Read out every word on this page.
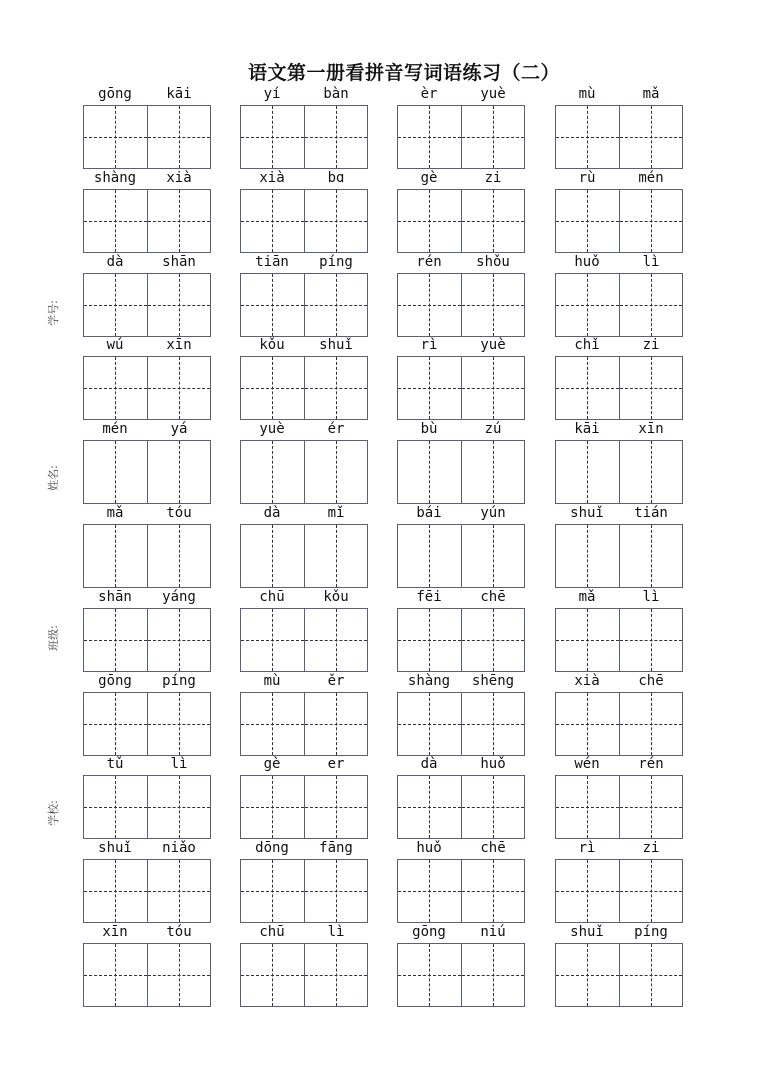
语文第一册看拼音写词语练习（二）
学号:
姓名:
班级:
学校:
gōng	kāi	yí	bàn	èr	yuè	mù	mǎ
shàng	xià	xià	bɑ	gè	zi	rù	mén
dà	shān	tiān	píng	rén	shǒu	huǒ	lì
wú	xīn	kǒu	shuǐ	rì	yuè	chǐ	zi
mén	yá	yuè	ér	bù	zú	kāi	xīn
mǎ	tóu	dà	mǐ	bái	yún	shuǐ	tián
shān	yáng	chū	kǒu	fēi	chē	mǎ	lì
gōng	píng	mù	ěr	shàng	shēng	xià	chē
tǔ	lì	gè	er	dà	huǒ	wén	rén
shuǐ	niǎo	dōng	fāng	huǒ	chē	rì	zi
xīn	tóu	chū	lì	gōng	niú	shuǐ	píng
